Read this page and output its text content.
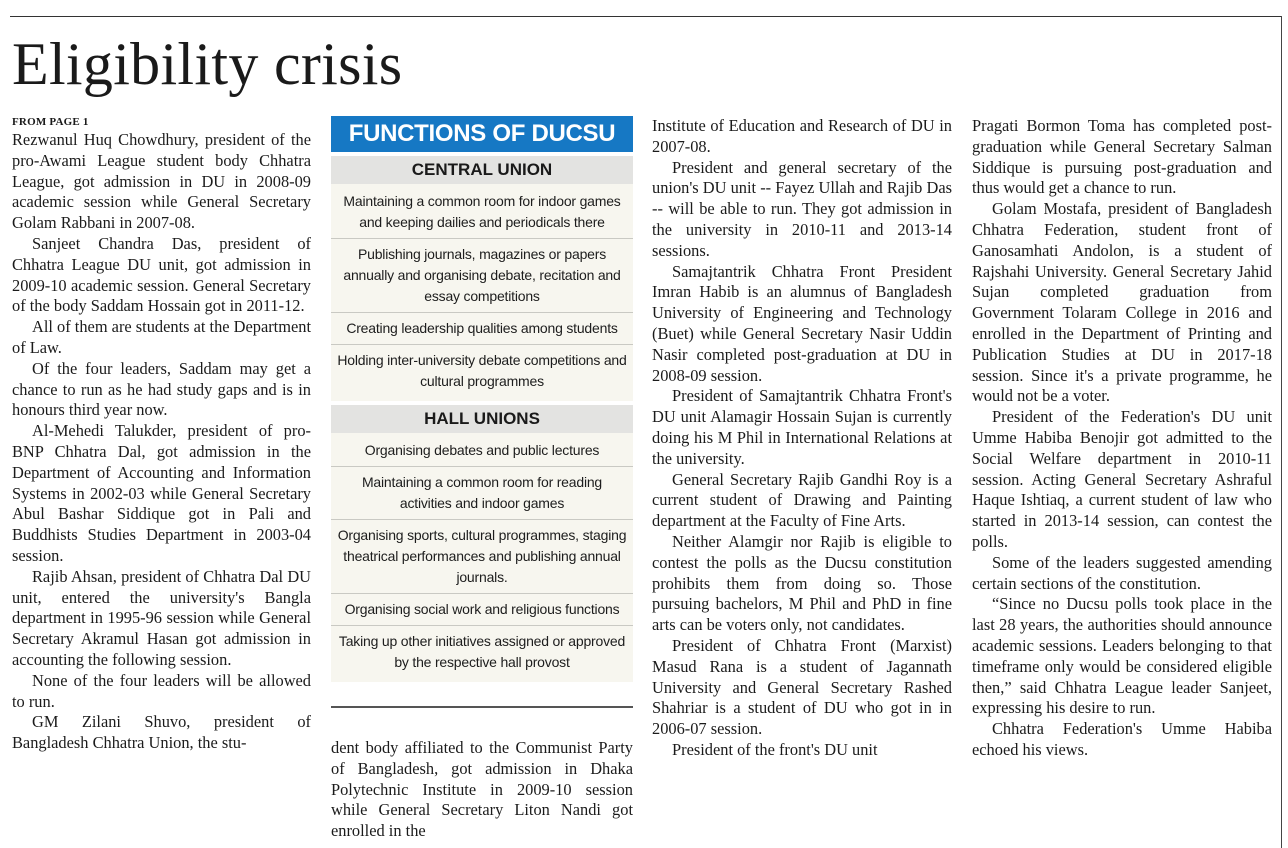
Eligibility crisis
FROM PAGE 1

Rezwanul Huq Chowdhury, president of the pro-Awami League student body Chhatra League, got admission in DU in 2008-09 academic session while General Secretary Golam Rabbani in 2007-08.

Sanjeet Chandra Das, president of Chhatra League DU unit, got admission in 2009-10 academic session. General Secretary of the body Saddam Hossain got in 2011-12.

All of them are students at the Department of Law.

Of the four leaders, Saddam may get a chance to run as he had study gaps and is in honours third year now.

Al-Mehedi Talukder, president of pro-BNP Chhatra Dal, got admission in the Department of Accounting and Information Systems in 2002-03 while General Secretary Abul Bashar Siddique got in Pali and Buddhists Studies Department in 2003-04 session.

Rajib Ahsan, president of Chhatra Dal DU unit, entered the university's Bangla department in 1995-96 session while General Secretary Akramul Hasan got admission in accounting the following session.

None of the four leaders will be allowed to run.

GM Zilani Shuvo, president of Bangladesh Chhatra Union, the stu-

FUNCTIONS OF DUCSU
CENTRAL UNION
Maintaining a common room for indoor games and keeping dailies and periodicals there
Publishing journals, magazines or papers annually and organising debate, recitation and essay competitions
Creating leadership qualities among students
Holding inter-university debate competitions and cultural programmes
HALL UNIONS
Organising debates and public lectures
Maintaining a common room for reading activities and indoor games
Organising sports, cultural programmes, staging theatrical performances and publishing annual journals.
Organising social work and religious functions
Taking up other initiatives assigned or approved by the respective hall provost

dent body affiliated to the Communist Party of Bangladesh, got admission in Dhaka Polytechnic Institute in 2009-10 session while General Secretary Liton Nandi got enrolled in the

Institute of Education and Research of DU in 2007-08.

President and general secretary of the union's DU unit -- Fayez Ullah and Rajib Das -- will be able to run. They got admission in the university in 2010-11 and 2013-14 sessions.

Samajtantrik Chhatra Front President Imran Habib is an alumnus of Bangladesh University of Engineering and Technology (Buet) while General Secretary Nasir Uddin Nasir completed post-graduation at DU in 2008-09 session.

President of Samajtantrik Chhatra Front's DU unit Alamagir Hossain Sujan is currently doing his M Phil in International Relations at the university.

General Secretary Rajib Gandhi Roy is a current student of Drawing and Painting department at the Faculty of Fine Arts.

Neither Alamgir nor Rajib is eligible to contest the polls as the Ducsu constitution prohibits them from doing so. Those pursuing bachelors, M Phil and PhD in fine arts can be voters only, not candidates.

President of Chhatra Front (Marxist) Masud Rana is a student of Jagannath University and General Secretary Rashed Shahriar is a student of DU who got in in 2006-07 session.

President of the front's DU unit

Pragati Bormon Toma has completed post-graduation while General Secretary Salman Siddique is pursuing post-graduation and thus would get a chance to run.

Golam Mostafa, president of Bangladesh Chhatra Federation, student front of Ganosamhati Andolon, is a student of Rajshahi University. General Secretary Jahid Sujan completed graduation from Government Tolaram College in 2016 and enrolled in the Department of Printing and Publication Studies at DU in 2017-18 session. Since it's a private programme, he would not be a voter.

President of the Federation's DU unit Umme Habiba Benojir got admitted to the Social Welfare department in 2010-11 session. Acting General Secretary Ashraful Haque Ishtiaq, a current student of law who started in 2013-14 session, can contest the polls.

Some of the leaders suggested amending certain sections of the constitution.

“Since no Ducsu polls took place in the last 28 years, the authorities should announce academic sessions. Leaders belonging to that timeframe only would be considered eligible then,” said Chhatra League leader Sanjeet, expressing his desire to run.

Chhatra Federation's Umme Habiba echoed his views.
